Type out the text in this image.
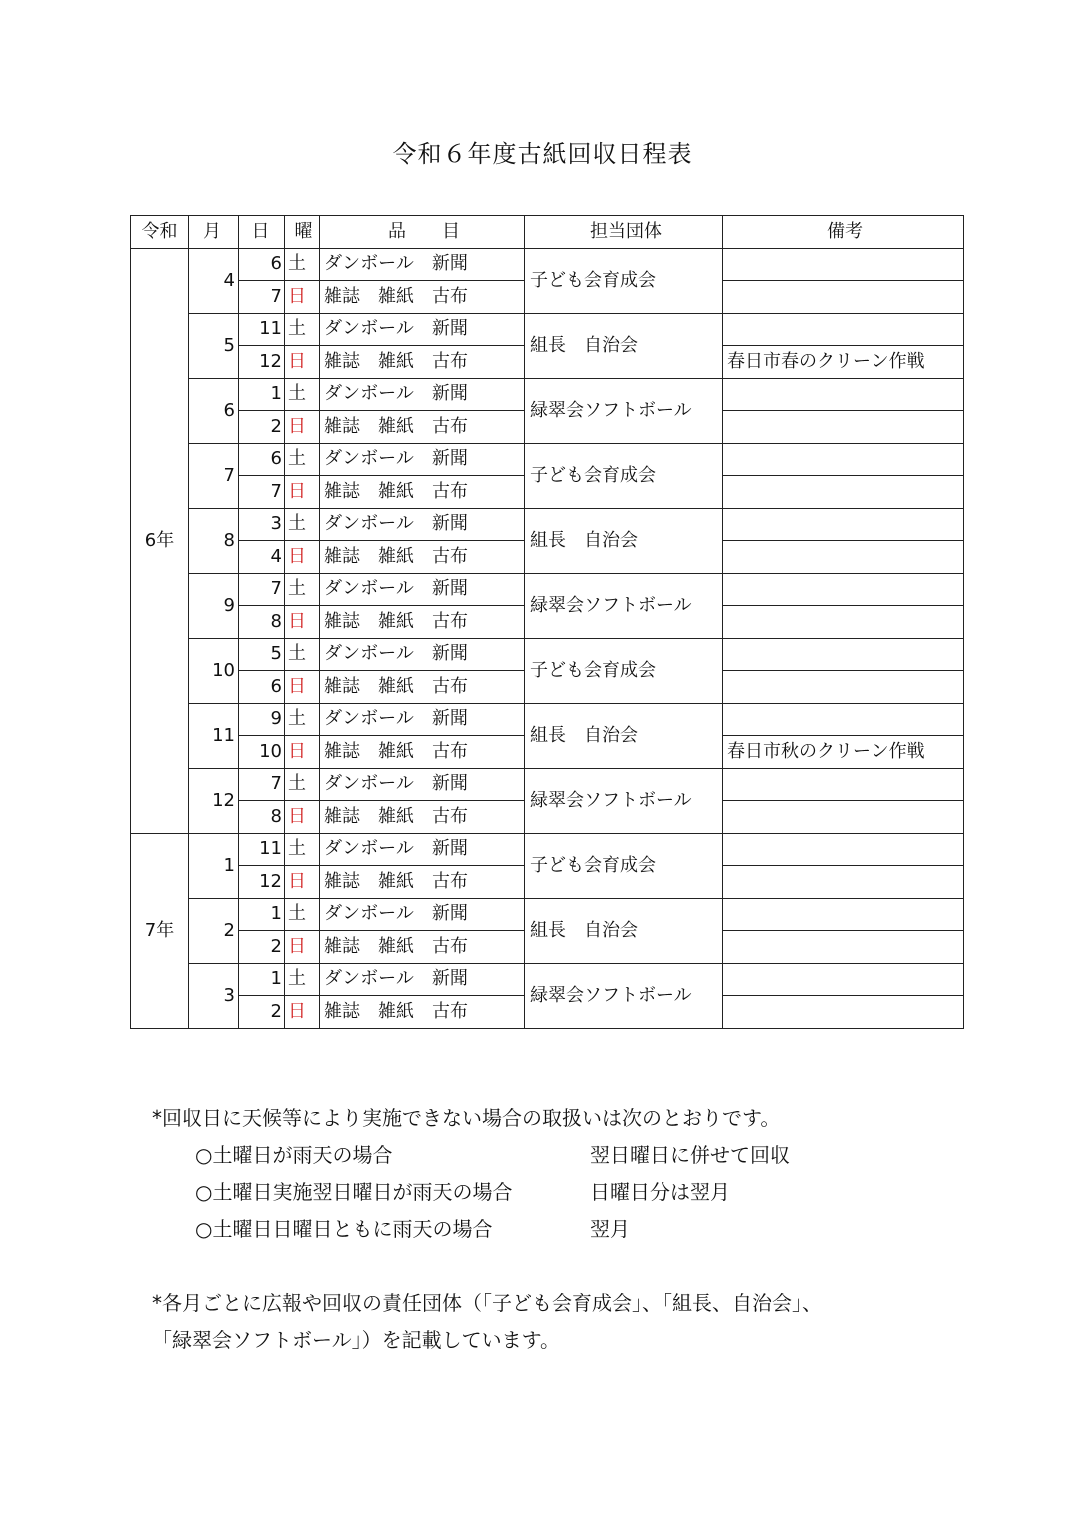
令和６年度古紙回収日程表
令和	月	日	曜	品　　目	担当団体	備考
6年	4	6	土	ダンボール　新聞	子ども会育成会	
		7	日	雑誌　雑紙　古布		
	5	11	土	ダンボール　新聞	組長　自治会	
		12	日	雑誌　雑紙　古布		春日市春のクリーン作戦
	6	1	土	ダンボール　新聞	緑翠会ソフトボール	
		2	日	雑誌　雑紙　古布		
	7	6	土	ダンボール　新聞	子ども会育成会	
		7	日	雑誌　雑紙　古布		
	8	3	土	ダンボール　新聞	組長　自治会	
		4	日	雑誌　雑紙　古布		
	9	7	土	ダンボール　新聞	緑翠会ソフトボール	
		8	日	雑誌　雑紙　古布		
	10	5	土	ダンボール　新聞	子ども会育成会	
		6	日	雑誌　雑紙　古布		
	11	9	土	ダンボール　新聞	組長　自治会	
		10	日	雑誌　雑紙　古布		春日市秋のクリーン作戦
	12	7	土	ダンボール　新聞	緑翠会ソフトボール	
		8	日	雑誌　雑紙　古布		
7年	1	11	土	ダンボール　新聞	子ども会育成会	
		12	日	雑誌　雑紙　古布		
	2	1	土	ダンボール　新聞	組長　自治会	
		2	日	雑誌　雑紙　古布		
	3	1	土	ダンボール　新聞	緑翠会ソフトボール	
		2	日	雑誌　雑紙　古布		
*回収日に天候等により実施できない場合の取扱いは次のとおりです。
○土曜日が雨天の場合	翌日曜日に併せて回収
○土曜日実施翌日曜日が雨天の場合	日曜日分は翌月
○土曜日日曜日ともに雨天の場合	翌月
*各月ごとに広報や回収の責任団体（「子ども会育成会」、「組長、自治会」、
「緑翠会ソフトボール」）を記載しています。
